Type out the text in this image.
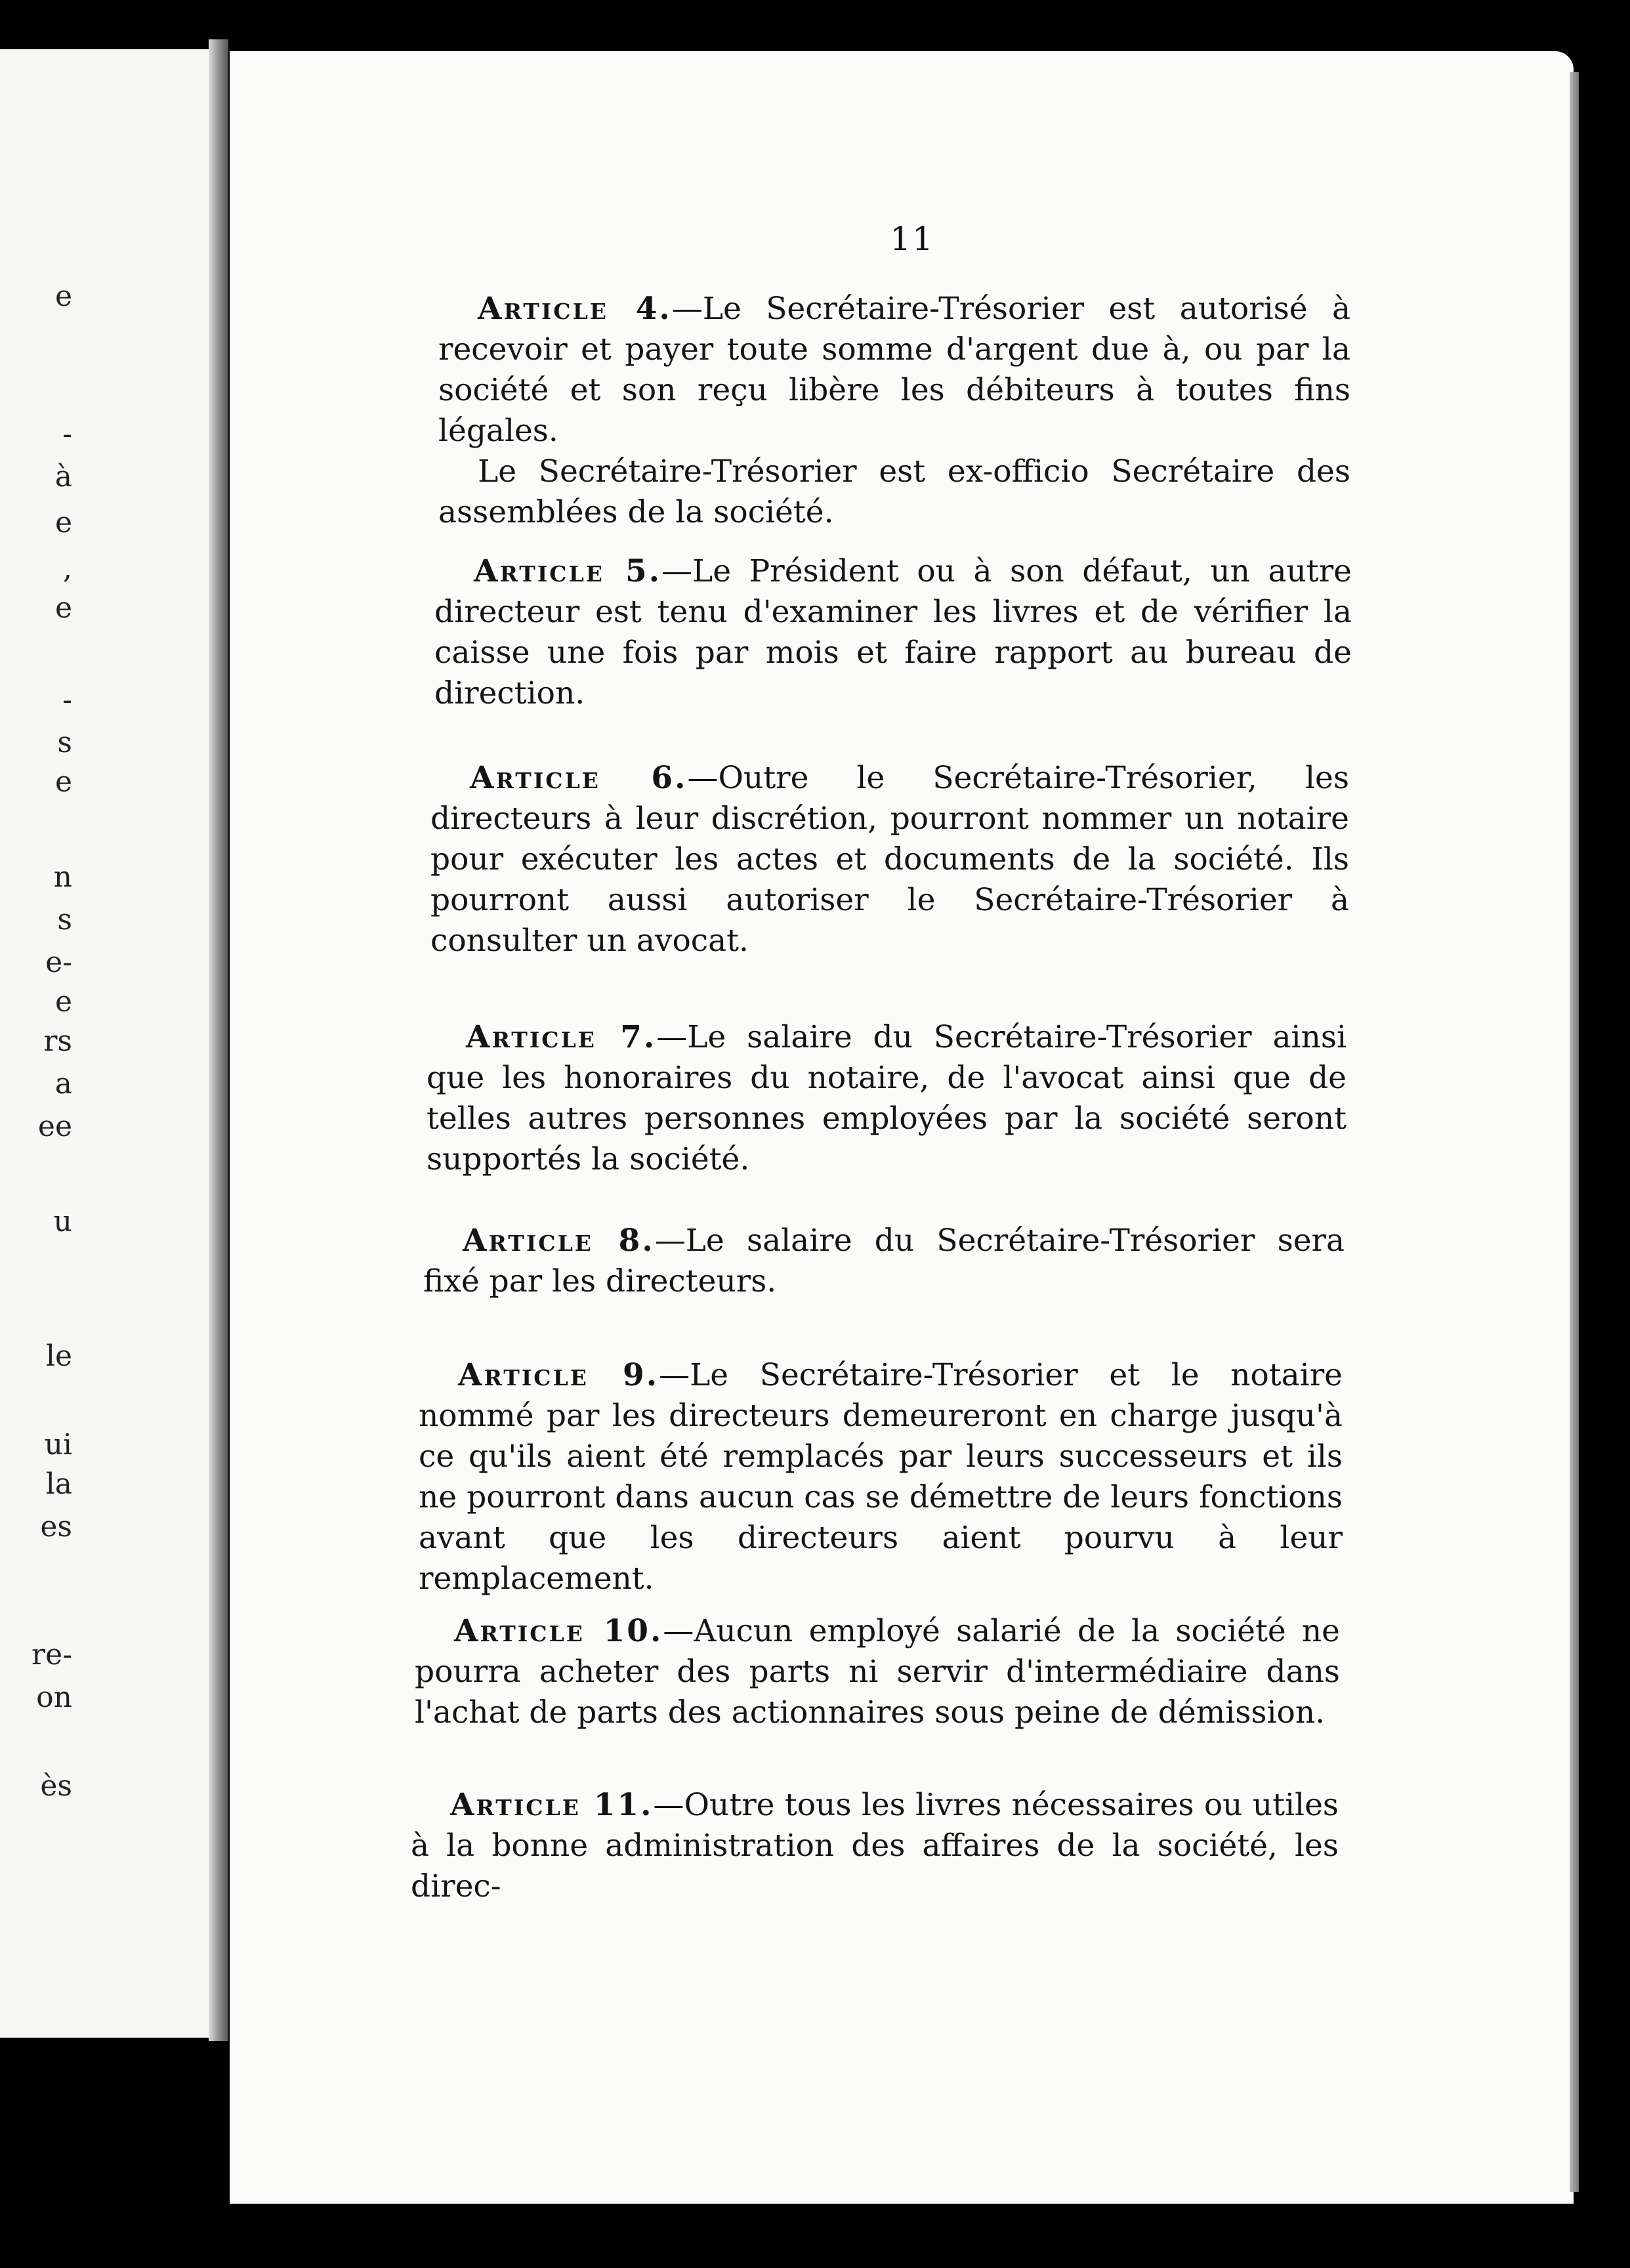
e
-
à
e
,
e
-
s
e
n
s
e-
e
rs
a
ee
u
le
ui
la
es
re-
on
ès
11

Article 4.—Le Secrétaire-Trésorier est autorisé à recevoir et payer toute somme d'argent due à, ou par la société et son reçu libère les débiteurs à toutes fins légales.

Le Secrétaire-Trésorier est ex-officio Secrétaire des assemblées de la société.

Article 5.—Le Président ou à son défaut, un autre directeur est tenu d'examiner les livres et de vérifier la caisse une fois par mois et faire rapport au bureau de direction.

Article 6.—Outre le Secrétaire-Trésorier, les directeurs à leur discrétion, pourront nommer un notaire pour exécuter les actes et documents de la société. Ils pourront aussi autoriser le Secrétaire-Trésorier à consulter un avocat.

Article 7.—Le salaire du Secrétaire-Trésorier ainsi que les honoraires du notaire, de l'avocat ainsi que de telles autres personnes employées par la société seront supportés la société.

Article 8.—Le salaire du Secrétaire-Trésorier sera fixé par les directeurs.

Article 9.—Le Secrétaire-Trésorier et le notaire nommé par les directeurs demeureront en charge jusqu'à ce qu'ils aient été remplacés par leurs successeurs et ils ne pourront dans aucun cas se démettre de leurs fonctions avant que les directeurs aient pourvu à leur remplacement.

Article 10.—Aucun employé salarié de la société ne pourra acheter des parts ni servir d'intermédiaire dans l'achat de parts des actionnaires sous peine de démission.

Article 11.—Outre tous les livres nécessaires ou utiles à la bonne administration des affaires de la société, les direc-
